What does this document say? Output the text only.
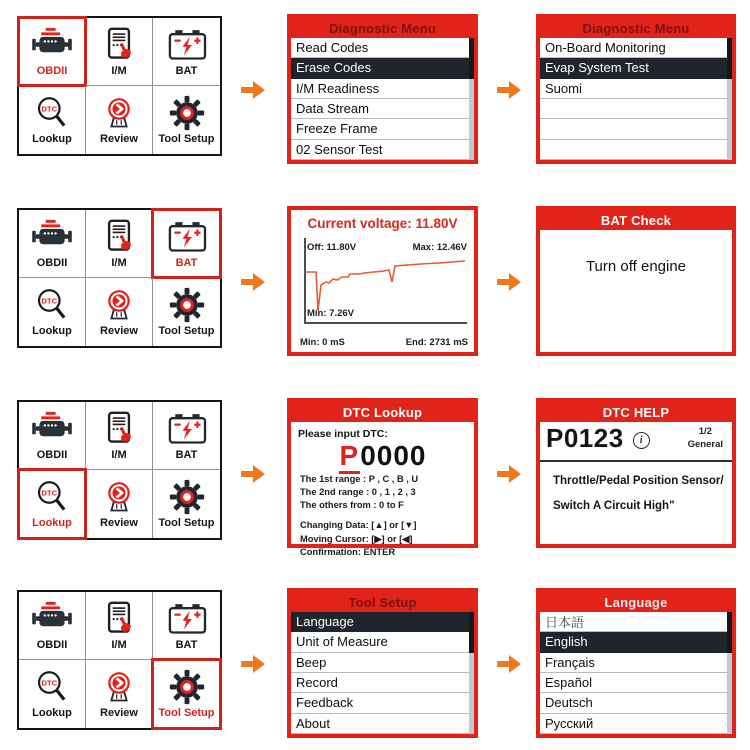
OBDII	I/M	BAT
Lookup	Review Tool Setup
Diagnostic Menu
Read Codes
Erase Codes
I/M Readiness
Data Stream
Freeze Frame
02 Sensor Test
Diagnostic Menu
On-Board Monitoring
Evap System Test
Suomi
OBDII	I/M	BAT
Lookup	Review Tool Setup
Current voltage: 11.80V
Off: 11.80V	Max: 12.46V
Min: 7.26V
Min: 0 mS	End: 2731 mS
BAT Check
Turn off engine
OBDII	I/M	BAT
Lookup	Review Tool Setup
DTC Lookup
Please input DTC:
P0000
The 1st range : P , C , B , U
The 2nd range : 0 , 1 , 2 , 3
The others from : 0 to F
Changing Data: [▲] or [▼]
Moving Cursor: [▶] or [◀]
Confirmation: ENTER
DTC HELP
P0123	i
1/2
General
Throttle/Pedal Position Sensor/
Switch A Circuit High"
OBDII	I/M	BAT
Lookup	Review Tool Setup
Tool Setup
Language
Unit of Measure
Beep
Record
Feedback
About
Language
日本語
English
Français
Español
Deutsch
Русский
